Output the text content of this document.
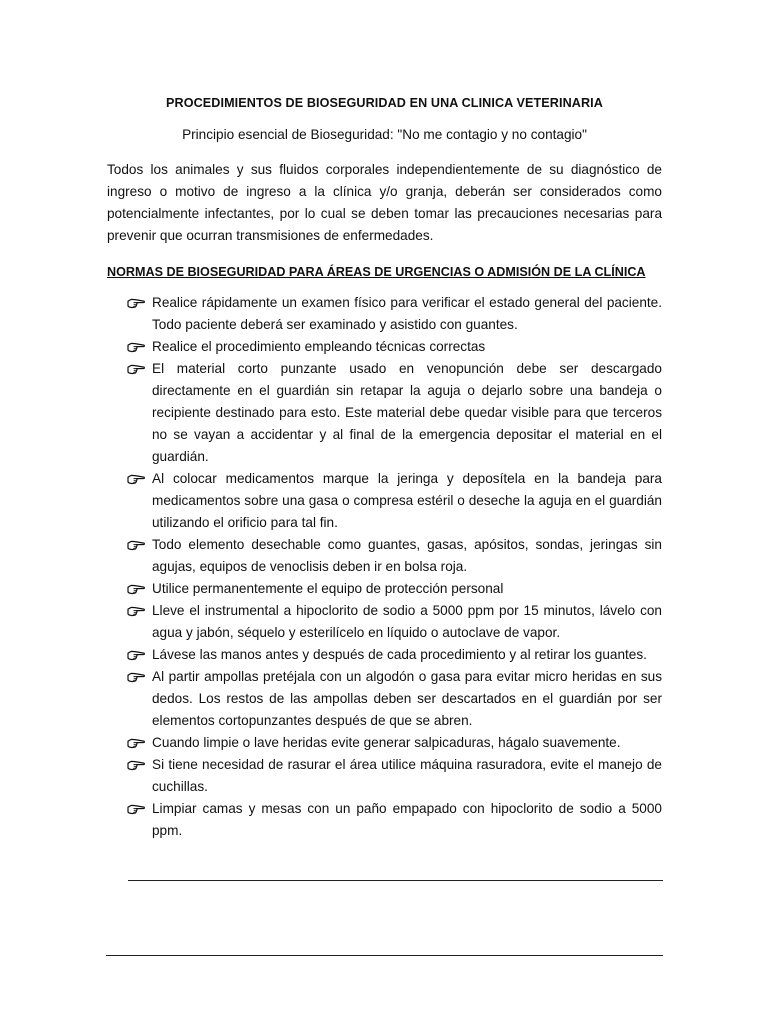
PROCEDIMIENTOS DE BIOSEGURIDAD EN UNA CLINICA VETERINARIA

Principio esencial de Bioseguridad: "No me contagio y no contagio"

Todos los animales y sus fluidos corporales independientemente de su diagnóstico de ingreso o motivo de ingreso a la clínica y/o granja, deberán ser considerados como potencialmente infectantes, por lo cual se deben tomar las precauciones necesarias para prevenir que ocurran transmisiones de enfermedades.

NORMAS DE BIOSEGURIDAD PARA ÁREAS DE URGENCIAS O ADMISIÓN DE LA CLÍNICA

Realice rápidamente un examen físico para verificar el estado general del paciente. Todo paciente deberá ser examinado y asistido con guantes.
Realice el procedimiento empleando técnicas correctas
El material corto punzante usado en venopunción debe ser descargado directamente en el guardián sin retapar la aguja o dejarlo sobre una bandeja o recipiente destinado para esto. Este material debe quedar visible para que terceros no se vayan a accidentar y al final de la emergencia depositar el material en el guardián.
Al colocar medicamentos marque la jeringa y deposítela en la bandeja para medicamentos sobre una gasa o compresa estéril o deseche la aguja en el guardián utilizando el orificio para tal fin.
Todo elemento desechable como guantes, gasas, apósitos, sondas, jeringas sin agujas, equipos de venoclisis deben ir en bolsa roja.
Utilice permanentemente el equipo de protección personal
Lleve el instrumental a hipoclorito de sodio a 5000 ppm por 15 minutos, lávelo con agua y jabón, séquelo y esterilícelo en líquido o autoclave de vapor.
Lávese las manos antes y después de cada procedimiento y al retirar los guantes.
Al partir ampollas pretéjala con un algodón o gasa para evitar micro heridas en sus dedos. Los restos de las ampollas deben ser descartados en el guardián por ser elementos cortopunzantes después de que se abren.
Cuando limpie o lave heridas evite generar salpicaduras, hágalo suavemente.
Si tiene necesidad de rasurar el área utilice máquina rasuradora, evite el manejo de cuchillas.
Limpiar camas y mesas con un paño empapado con hipoclorito de sodio a 5000 ppm.
